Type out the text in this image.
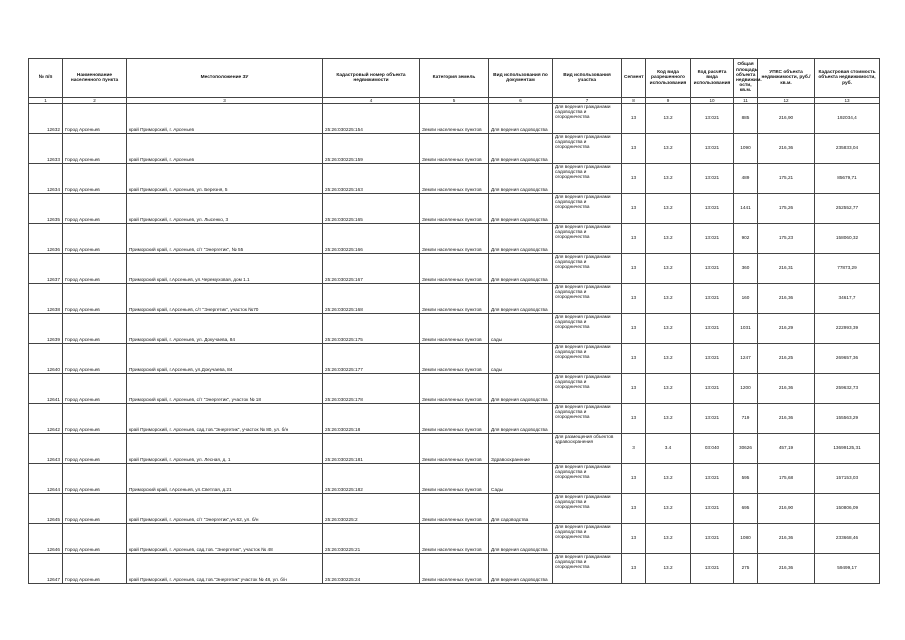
№ п/п	Наименование населенного пункта	Местоположение ЗУ	Кадастровый номер объекта недвижимости	Категория земель	Вид использования по документам	Вид использования участка	Сегмент	Код вида разрешенного использования	Код расчёта вида использования	Общая площадь объекта недвижим. ости, кв.м.	УПКС объекта недвижимости, руб./кв.м.	Кадастровая стоимость объекта недвижимости, руб.
1	2	3	4	5	6	7	8	9	10	11	12	13
12632	Город Арсеньев	край Приморский, г. Арсеньев	25:26:030225:154	Земли населенных пунктов	Для ведения садоводства	Для ведения гражданами садоводства и огородничества	13	13.2	13:021	885	216,90	192034,4
12633	Город Арсеньев	край Приморский, г. Арсеньев	25:26:030225:159	Земли населенных пунктов	Для ведения садоводства	Для ведения гражданами садоводства и огородничества	13	13.2	13:021	1090	216,36	235833,04
12634	Город Арсеньев	край Приморский, г. Арсеньев, ул. Березня, 5	25:26:030225:163	Земли населенных пунктов	Для ведения садоводства	Для ведения гражданами садоводства и огородничества	13	13.2	13:021	489	175,21	85679,71
12635	Город Арсеньев	край Приморский, г. Арсеньев, ул. Лысенко, 3	25:26:030225:165	Земли населенных пунктов	Для ведения садоводства	Для ведения гражданами садоводства и огородничества	13	13.2	13:021	1441	175,26	252552,77
12636	Город Арсеньев	Приморский край, г. Арсеньев, с/т "Энергетик", № 55	25:26:030225:166	Земли населенных пунктов	Для ведения садоводства	Для ведения гражданами садоводства и огородничества	13	13.2	13:021	902	175,23	158060,32
12637	Город Арсеньев	Приморский край, г.Арсеньев, ул.Черемуховая, дом 1.1	25:26:030225:167	Земли населенных пунктов	Для ведения садоводства	Для ведения гражданами садоводства и огородничества	13	13.2	13:021	360	216,31	77873,29
12638	Город Арсеньев	Приморский край, г.Арсеньев, с/т "Энергетик", участок №70	25:26:030225:168	Земли населенных пунктов	Для ведения садоводства	Для ведения гражданами садоводства и огородничества	13	13.2	13:021	160	216,36	34617,7
12639	Город Арсеньев	Приморский край, г. Арсеньев, ул. Докучаева, 84	25:26:030225:175	Земли населенных пунктов	сады	Для ведения гражданами садоводства и огородничества	13	13.2	13:021	1031	216,29	222993,39
12640	Город Арсеньев	Приморский край, г.Арсеньев, ул.Докучаева, 84	25:26:030225:177	Земли населенных пунктов	сады	Для ведения гражданами садоводства и огородничества	13	13.2	13:021	1247	216,25	269657,36
12641	Город Арсеньев	Приморский край, г. Арсеньев, с/т "Энергетик", участок № 18	25:26:030225:178	Земли населенных пунктов	Для ведения садоводства	Для ведения гражданами садоводства и огородничества	13	13.2	13:021	1200	216,36	259632,73
12642	Город Арсеньев	край Приморский, г. Арсеньев, сад.тов."Энергетик", участок № 80, ул. б/н	25:26:030225:18	Земли населенных пунктов	Для ведения садоводства	Для ведения гражданами садоводства и огородничества	13	13.2	13:021	719	216,36	155563,29
12643	Город Арсеньев	край Приморский, г. Арсеньев, ул. Лесная, д. 1	25:26:030225:181	Земли населенных пунктов	Здравоохранение	Для размещения объектов здравоохранения	3	3.4	03:040	30626	457,19	13699125,31
12644	Город Арсеньев	Приморский край, г.Арсеньев, ул.Светлая, д.21	25:26:030225:182	Земли населенных пунктов	Сады	Для ведения гражданами садоводства и огородничества	13	13.2	13:021	595	175,68	157153,03
12645	Город Арсеньев	край Приморский, г. Арсеньев, с/т "Энергетик",уч.62, ул. б/н	25:26:030225:2	Земли населенных пунктов	Для садоводства	Для ведения гражданами садоводства и огородничества	13	13.2	13:021	695	216,90	150806,09
12646	Город Арсеньев	край Приморский, г. Арсеньев, сад.тов. "Энергетик", участок № 48	25:26:030225:21	Земли населенных пунктов	Для ведения садоводства	Для ведения гражданами садоводства и огородничества	13	13.2	13:021	1080	216,36	233668,46
12647	Город Арсеньев	край Приморский, г. Арсеньев, сад.тов."Энергетик" участок № 48, ул. б/н	25:26:030225:24	Земли населенных пунктов	Для ведения садоводства	Для ведения гражданами садоводства и огородничества	13	13.2	13:021	275	216,36	59499,17
